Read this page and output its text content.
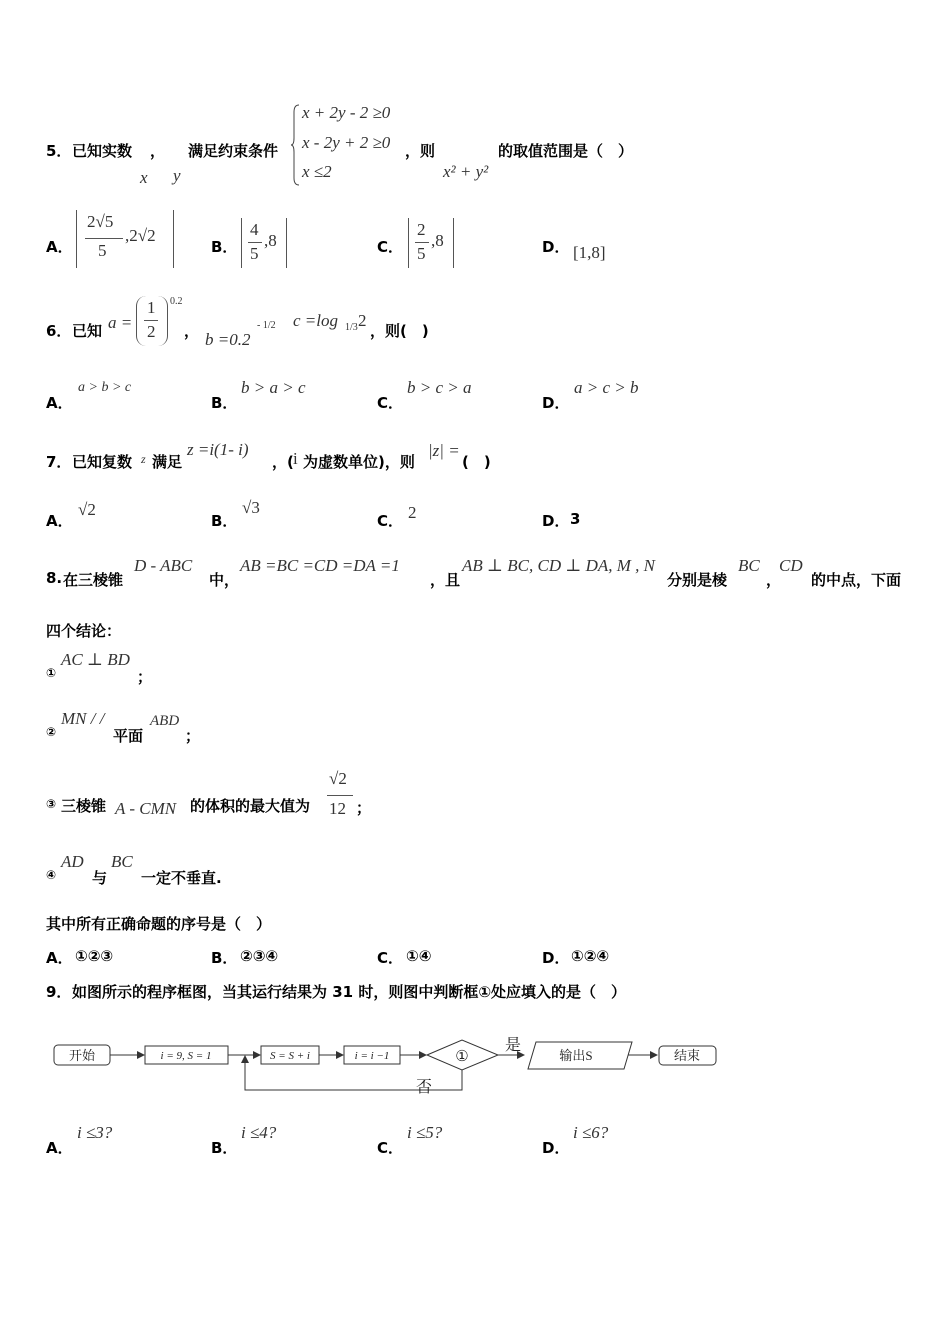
5． 已知实数 ，
x y
满足约束条件
x + 2y - 2 ≥0
x - 2y + 2 ≥0
x ≤2
，则
x² + y²
的取值范围是（　）
A．
2√5
5
,2√2
B．
4
5
,8	C．
2
5
,8	D． [1,8]
6． 已知 a =
1
2
0.2
， b =0.2
- 1/2 c =log 1/3 2
，则(　)
A．
a > b > c
B．
b > a > c
C．
b > c > a
D．
a > c > b
7． 已知复数 z 满足
z =i(1- i)
，( i 为虚数单位)，则
|z| =
(　)
A．
√2
B．
√3
C． 2	D． 3
8. 在三棱锥
D - ABC
中，
AB =BC =CD =DA =1
，且
AB ⊥ BC, CD ⊥ DA, M , N
分别是棱
BC
，
CD
的中点，下面
四个结论：
①
AC ⊥ BD
；
②
MN / /
平面
ABD
；
③ 三棱锥 A - CMN 的体积的最大值为
√2
12 ；
④
AD
与
BC
一定不垂直.
其中所有正确命题的序号是（　）
A． ①②③	B． ②③④	C． ①④	D． ①②④
9． 如图所示的程序框图，当其运行结果为 31 时，则图中判断框①处应填入的是（　）
开始	i = 9, S = 1	S = S + i	i = i −1	①
是
否
输出S	结束
A．
i ≤3?
B．
i ≤4?
C．
i ≤5?
D．
i ≤6?
